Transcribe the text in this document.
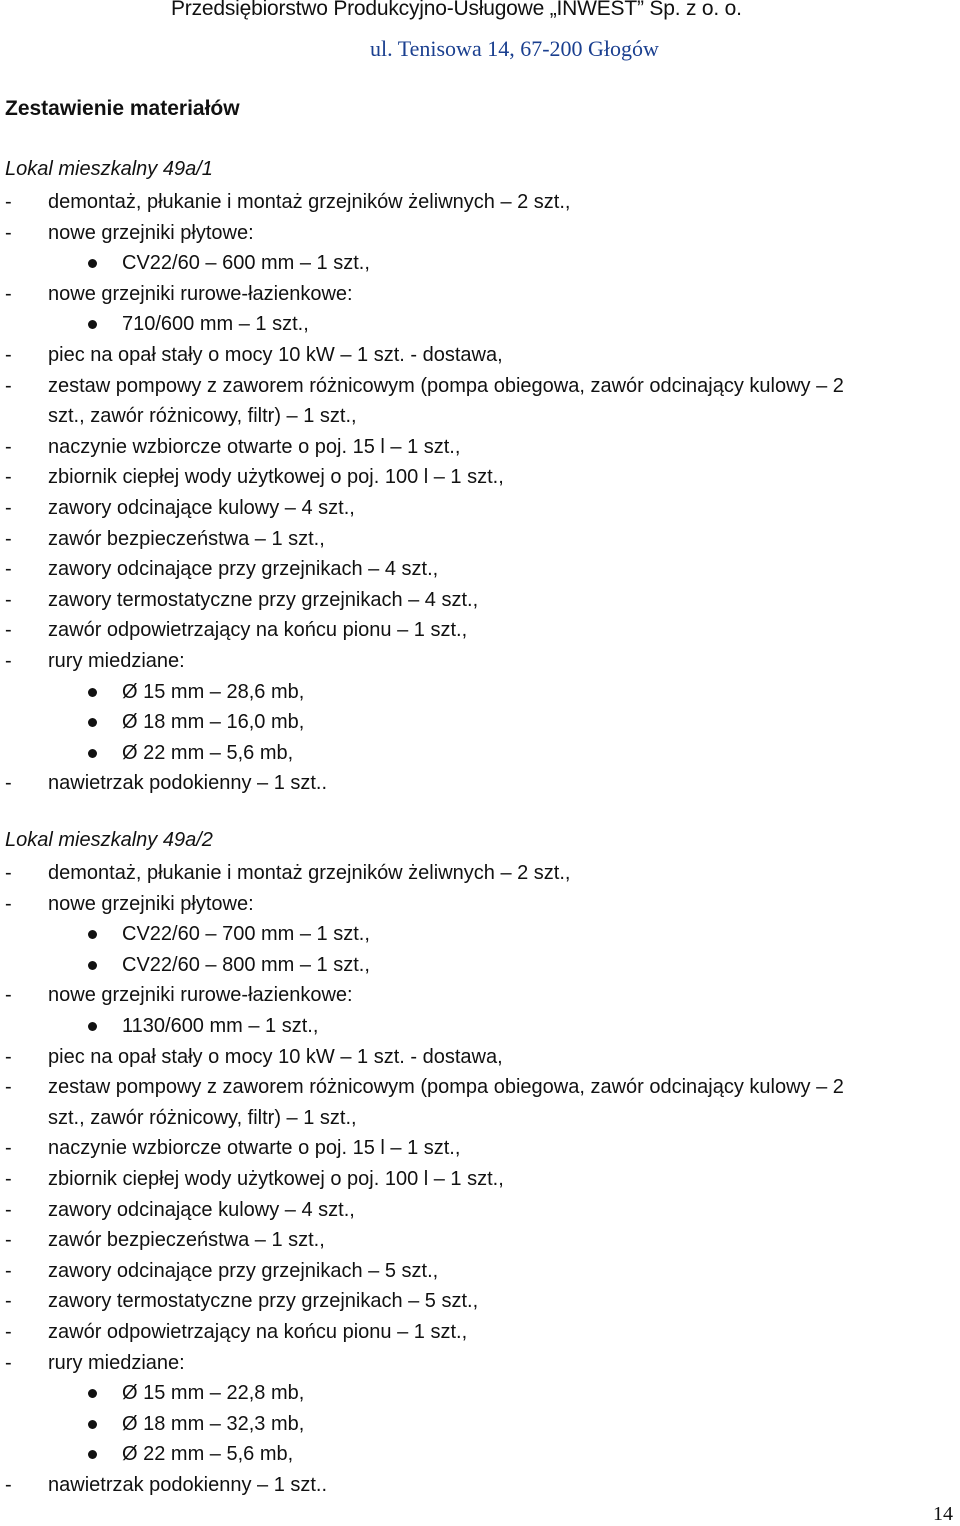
Przedsiębiorstwo Produkcyjno-Usługowe „INWEST” Sp. z o. o.
ul. Tenisowa 14, 67-200 Głogów
Zestawienie materiałów
Lokal mieszkalny 49a/1
- demontaż, płukanie i montaż grzejników żeliwnych – 2 szt.,
- nowe grzejniki płytowe:
CV22/60 – 600 mm – 1 szt.,
- nowe grzejniki rurowe-łazienkowe:
710/600 mm – 1 szt.,
- piec na opał stały o mocy 10 kW – 1 szt. - dostawa,
- zestaw pompowy z zaworem różnicowym (pompa obiegowa, zawór odcinający kulowy – 2
szt., zawór różnicowy, filtr) – 1 szt.,
- naczynie wzbiorcze otwarte o poj. 15 l – 1 szt.,
- zbiornik ciepłej wody użytkowej o poj. 100 l – 1 szt.,
- zawory odcinające kulowy – 4 szt.,
- zawór bezpieczeństwa – 1 szt.,
- zawory odcinające przy grzejnikach – 4 szt.,
- zawory termostatyczne przy grzejnikach – 4 szt.,
- zawór odpowietrzający na końcu pionu – 1 szt.,
- rury miedziane:
Ø 15 mm – 28,6 mb,
Ø 18 mm – 16,0 mb,
Ø 22 mm – 5,6 mb,
- nawietrzak podokienny – 1 szt..
Lokal mieszkalny 49a/2
- demontaż, płukanie i montaż grzejników żeliwnych – 2 szt.,
- nowe grzejniki płytowe:
CV22/60 – 700 mm – 1 szt.,
CV22/60 – 800 mm – 1 szt.,
- nowe grzejniki rurowe-łazienkowe:
1130/600 mm – 1 szt.,
- piec na opał stały o mocy 10 kW – 1 szt. - dostawa,
- zestaw pompowy z zaworem różnicowym (pompa obiegowa, zawór odcinający kulowy – 2
szt., zawór różnicowy, filtr) – 1 szt.,
- naczynie wzbiorcze otwarte o poj. 15 l – 1 szt.,
- zbiornik ciepłej wody użytkowej o poj. 100 l – 1 szt.,
- zawory odcinające kulowy – 4 szt.,
- zawór bezpieczeństwa – 1 szt.,
- zawory odcinające przy grzejnikach – 5 szt.,
- zawory termostatyczne przy grzejnikach – 5 szt.,
- zawór odpowietrzający na końcu pionu – 1 szt.,
- rury miedziane:
Ø 15 mm – 22,8 mb,
Ø 18 mm – 32,3 mb,
Ø 22 mm – 5,6 mb,
- nawietrzak podokienny – 1 szt..
14
